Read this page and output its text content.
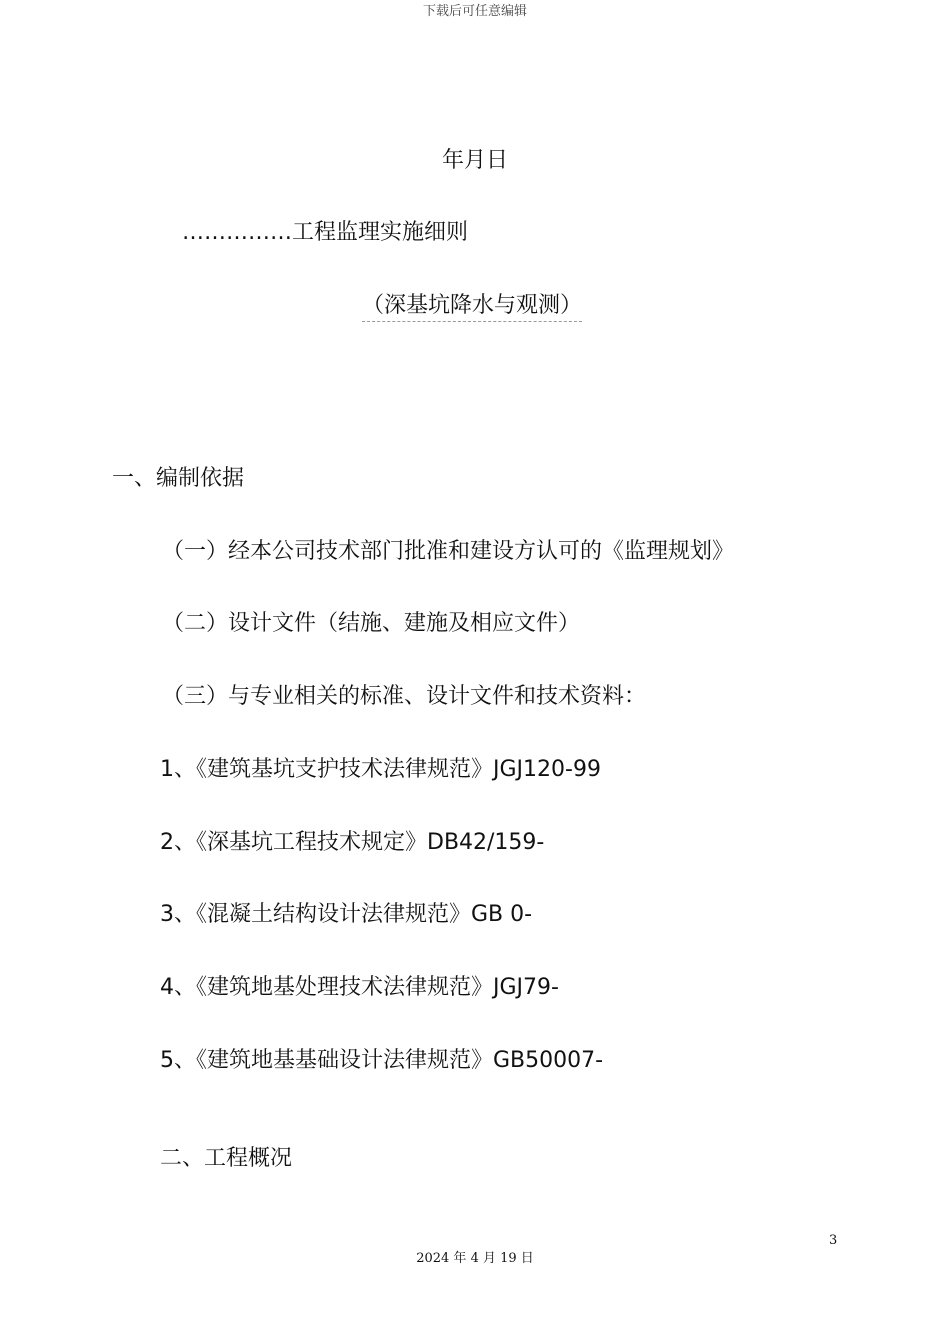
下载后可任意编辑
年月日
……………工程监理实施细则
（深基坑降水与观测）
一、编制依据
（一）经本公司技术部门批准和建设方认可的《监理规划》
（二）设计文件（结施、建施及相应文件）
（三）与专业相关的标准、设计文件和技术资料：
1、《建筑基坑支护技术法律规范》JGJ120-99
2、《深基坑工程技术规定》DB42/159-
3、《混凝土结构设计法律规范》GB 0-
4、《建筑地基处理技术法律规范》JGJ79-
5、《建筑地基基础设计法律规范》GB50007-
二、工程概况
3
2024 年 4 月 19 日
